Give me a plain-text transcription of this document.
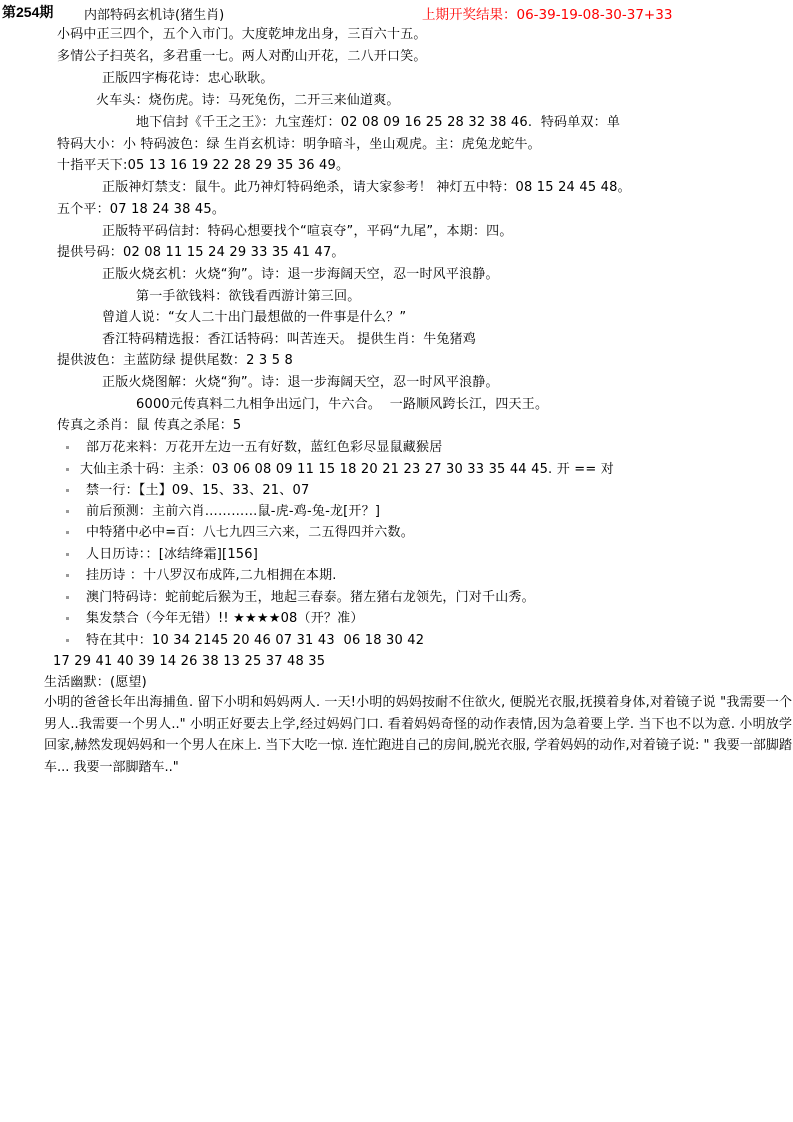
第254期 内部特码玄机诗(猪生肖)	上期开奖结果：06-39-19-08-30-37+33
小码中正三四个，五个入市门。大度乾坤龙出身，三百六十五。
多情公子扫英名，多君重一七。两人对酌山开花，二八开口笑。
正版四字梅花诗：忠心耿耿。
火车头：烧伤虎。诗：马死兔伤，二开三来仙道爽。
地下信封《千王之王》：九宝莲灯：02 08 09 16 25 28 32 38 46.  特码单双：单
特码大小：小 特码波色：绿 生肖玄机诗：明争暗斗，坐山观虎。主：虎兔龙蛇牛。
十指平天下:05 13 16 19 22 28 29 35 36 49。
正版神灯禁支：鼠牛。此乃神灯特码绝杀，请大家参考！ 神灯五中特：08 15 24 45 48。
五个平：07 18 24 38 45。
正版特平码信封：特码心想要找个“喧哀夺”，平码“九尾”，本期：四。
提供号码：02 08 11 15 24 29 33 35 41 47。
正版火烧玄机：火烧“狗”。诗：退一步海阔天空，忍一时风平浪静。
第一手欲钱料：欲钱看西游计第三回。
曾道人说：“女人二十出门最想做的一件事是什么？”
香江特码精选报：香江话特码：叫苦连天。 提供生肖：牛兔猪鸡
提供波色：主蓝防绿 提供尾数：2 3 5 8
正版火烧图解：火烧“狗”。诗：退一步海阔天空，忍一时风平浪静。
6000元传真料二九相争出远门，牛六合。  一路顺风跨长江，四天王。
传真之杀肖：鼠 传真之杀尾：5
部万花来料：万花开左边一五有好数，蓝红色彩尽显鼠藏猴居
大仙主杀十码：主杀：03 06 08 09 11 15 18 20 21 23 27 30 33 35 44 45. 开 == 对
禁一行：【土】09、15、33、21、07
前后预测：主前六肖…………鼠-虎-鸡-兔-龙[开？]
中特猪中必中=百：八七九四三六来，二五得四并六数。
人日历诗：：[冰结绛霜][156]
挂历诗 ：十八罗汉布成阵,二九相拥在本期.
澳门特码诗：蛇前蛇后猴为王，地起三春泰。猪左猪右龙领先，门对千山秀。
集发禁合（今年无错）!! ★★★★08（开？准）
特在其中：10 34 2145 20 46 07 31 43  06 18 30 42
17 29 41 40 39 14 26 38 13 25 37 48 35
生活幽默：(愿望)
小明的爸爸长年出海捕鱼. 留下小明和妈妈两人. 一天!小明的妈妈按耐不住欲火, 便脱光衣服,抚摸着身体,对着镜子说 "我需要一个男人..我需要一个男人.." 小明正好要去上学,经过妈妈门口. 看着妈妈奇怪的动作表情,因为急着要上学. 当下也不以为意. 小明放学回家,赫然发现妈妈和一个男人在床上. 当下大吃一惊. 连忙跑进自己的房间,脱光衣服, 学着妈妈的动作,对着镜子说: " 我要一部脚踏车... 我要一部脚踏车.."
